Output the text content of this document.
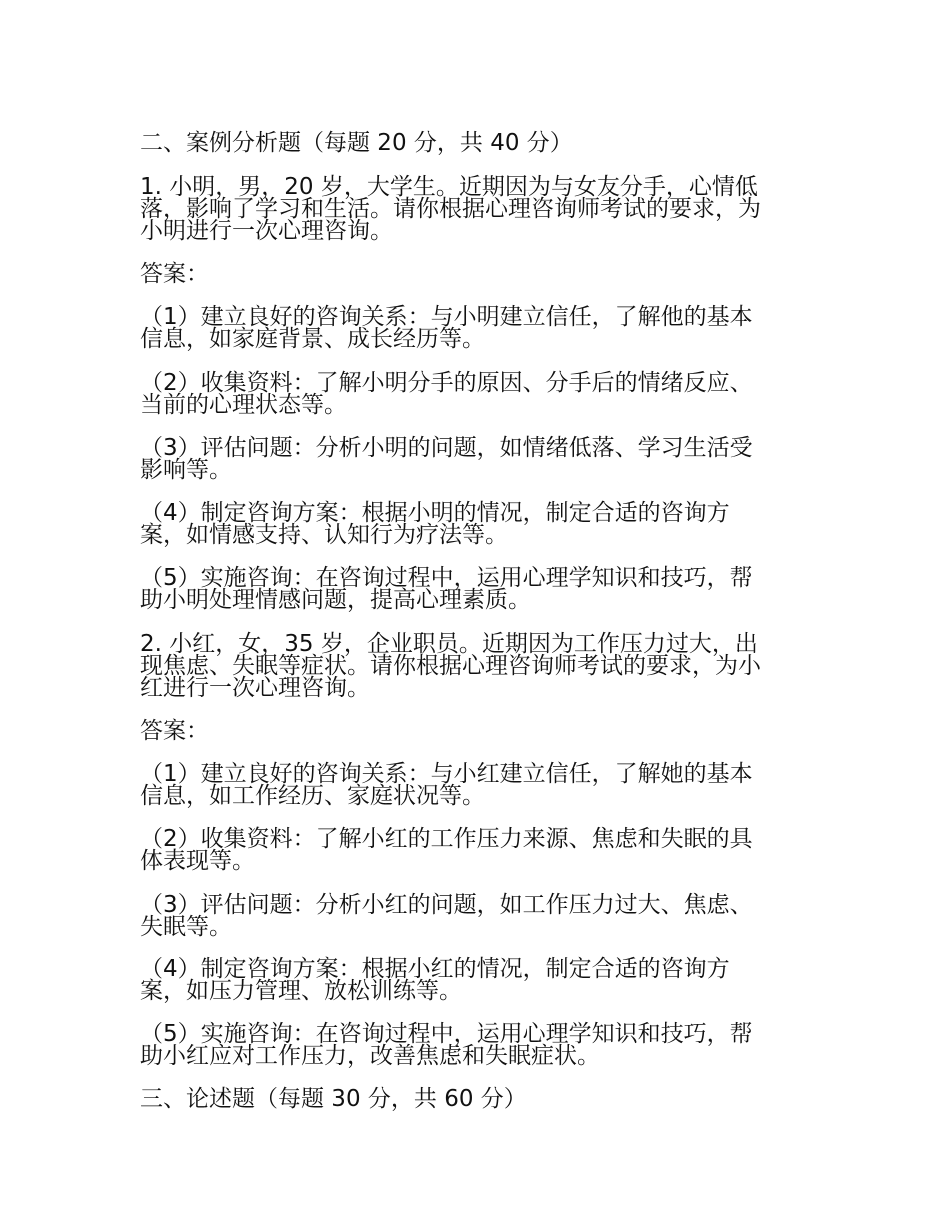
二、案例分析题（每题 20 分，共 40 分）
1. 小明，男，20 岁，大学生。近期因为与女友分手，心情低
落，影响了学习和生活。请你根据心理咨询师考试的要求，为
小明进行一次心理咨询。
答案：
（1）建立良好的咨询关系：与小明建立信任，了解他的基本
信息，如家庭背景、成长经历等。
（2）收集资料：了解小明分手的原因、分手后的情绪反应、
当前的心理状态等。
（3）评估问题：分析小明的问题，如情绪低落、学习生活受
影响等。
（4）制定咨询方案：根据小明的情况，制定合适的咨询方
案，如情感支持、认知行为疗法等。
（5）实施咨询：在咨询过程中，运用心理学知识和技巧，帮
助小明处理情感问题，提高心理素质。
2. 小红，女，35 岁，企业职员。近期因为工作压力过大，出
现焦虑、失眠等症状。请你根据心理咨询师考试的要求，为小
红进行一次心理咨询。
答案：
（1）建立良好的咨询关系：与小红建立信任，了解她的基本
信息，如工作经历、家庭状况等。
（2）收集资料：了解小红的工作压力来源、焦虑和失眠的具
体表现等。
（3）评估问题：分析小红的问题，如工作压力过大、焦虑、
失眠等。
（4）制定咨询方案：根据小红的情况，制定合适的咨询方
案，如压力管理、放松训练等。
（5）实施咨询：在咨询过程中，运用心理学知识和技巧，帮
助小红应对工作压力，改善焦虑和失眠症状。
三、论述题（每题 30 分，共 60 分）
